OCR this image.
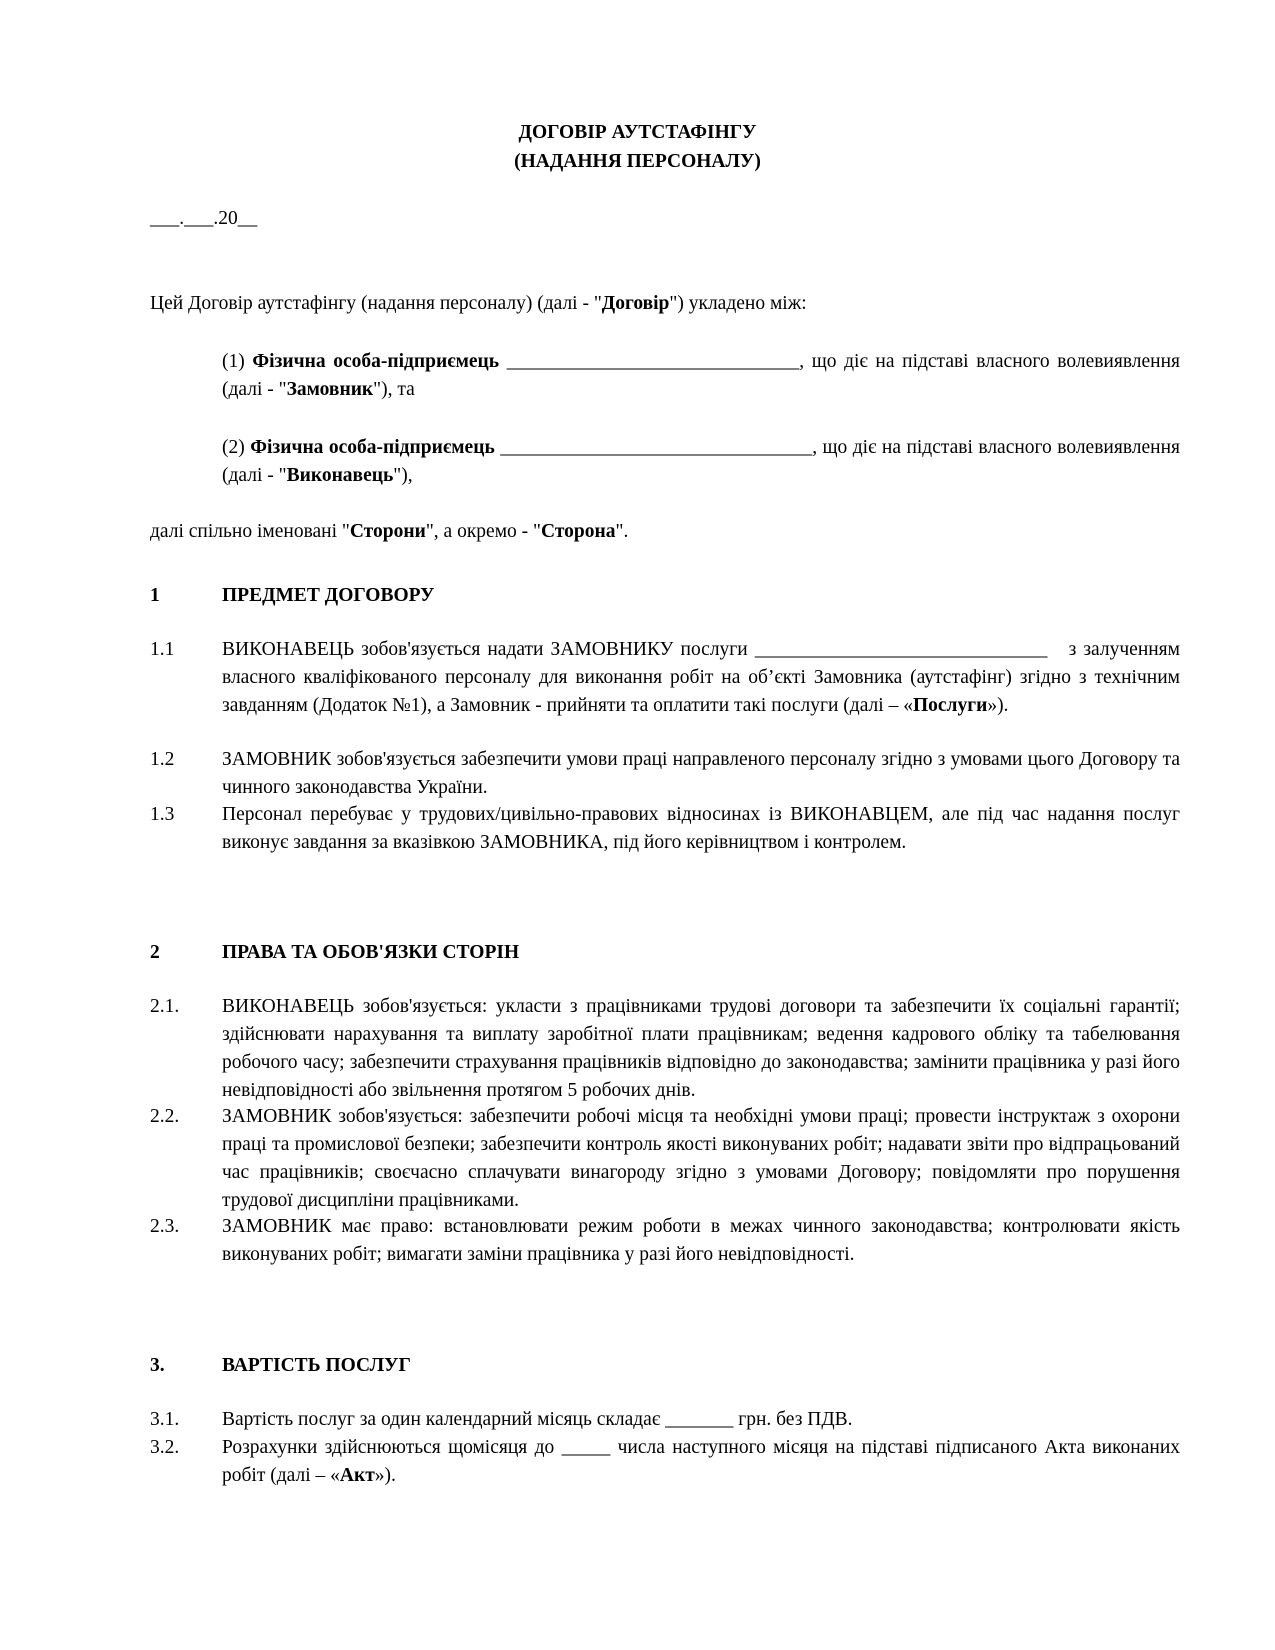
ДОГОВІР АУТСТАФІНГУ
(НАДАННЯ ПЕРСОНАЛУ)
___.___.20__
Цей Договір аутстафінгу (надання персоналу) (далі - "Договір") укладено між:
(1) Фізична особа-підприємець ______________________________, що діє на підставі власного волевиявлення (далі - "Замовник"), та
(2) Фізична особа-підприємець ________________________________, що діє на підставі власного волевиявлення (далі - "Виконавець"),
далі спільно іменовані "Сторони", а окремо - "Сторона".
1	ПРЕДМЕТ ДОГОВОРУ
1.1	ВИКОНАВЕЦЬ зобов'язується надати ЗАМОВНИКУ послуги ______________________________ з залученням власного кваліфікованого персоналу для виконання робіт на об’єкті Замовника (аутстафінг) згідно з технічним завданням (Додаток №1), а Замовник - прийняти та оплатити такі послуги (далі – «Послуги»).
1.2	ЗАМОВНИК зобов'язується забезпечити умови праці направленого персоналу згідно з умовами цього Договору та чинного законодавства України.
1.3	Персонал перебуває у трудових/цивільно-правових відносинах із ВИКОНАВЦЕМ, але під час надання послуг виконує завдання за вказівкою ЗАМОВНИКА, під його керівництвом і контролем.
2	ПРАВА ТА ОБОВ'ЯЗКИ СТОРІН
2.1.	ВИКОНАВЕЦЬ зобов'язується: укласти з працівниками трудові договори та забезпечити їх соціальні гарантії; здійснювати нарахування та виплату заробітної плати працівникам; ведення кадрового обліку та табелювання робочого часу; забезпечити страхування працівників відповідно до законодавства; замінити працівника у разі його невідповідності або звільнення протягом 5 робочих днів.
2.2.	ЗАМОВНИК зобов'язується: забезпечити робочі місця та необхідні умови праці; провести інструктаж з охорони праці та промислової безпеки; забезпечити контроль якості виконуваних робіт; надавати звіти про відпрацьований час працівників; своєчасно сплачувати винагороду згідно з умовами Договору; повідомляти про порушення трудової дисципліни працівниками.
2.3.	ЗАМОВНИК має право: встановлювати режим роботи в межах чинного законодавства; контролювати якість виконуваних робіт; вимагати заміни працівника у разі його невідповідності.
3.	ВАРТІСТЬ ПОСЛУГ
3.1.	Вартість послуг за один календарний місяць складає _______ грн. без ПДВ.
3.2.	Розрахунки здійснюються щомісяця до _____ числа наступного місяця на підставі підписаного Акта виконаних робіт (далі – «Акт»).
